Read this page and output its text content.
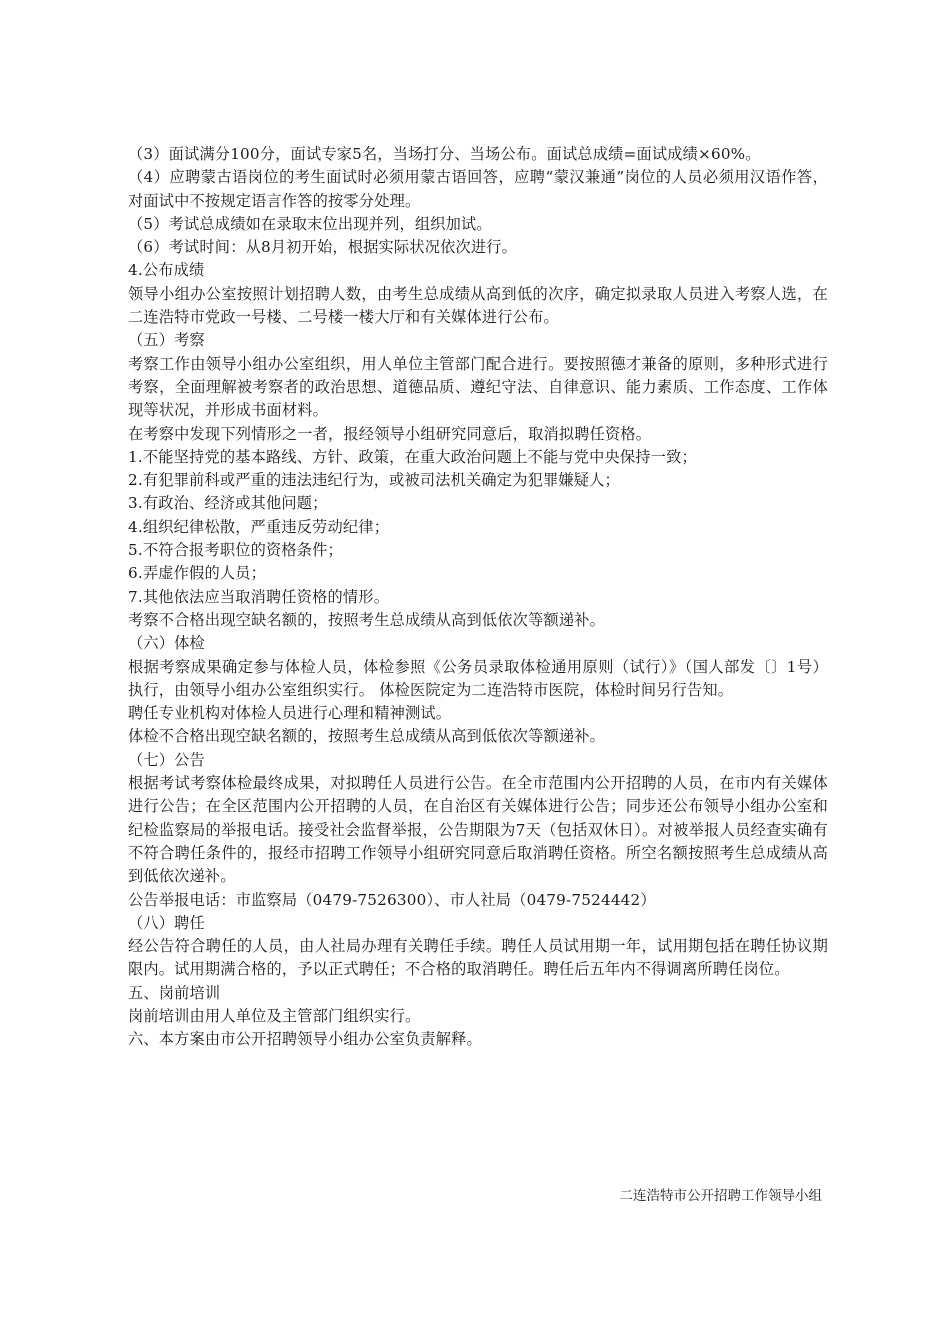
（3）面试满分100分，面试专家5名，当场打分、当场公布。面试总成绩=面试成绩×60%。

（4）应聘蒙古语岗位的考生面试时必须用蒙古语回答，应聘“蒙汉兼通”岗位的人员必须用汉语作答，对面试中不按规定语言作答的按零分处理。

（5）考试总成绩如在录取末位出现并列，组织加试。

（6）考试时间：从8月初开始，根据实际状况依次进行。

4.公布成绩

领导小组办公室按照计划招聘人数，由考生总成绩从高到低的次序，确定拟录取人员进入考察人选，在二连浩特市党政一号楼、二号楼一楼大厅和有关媒体进行公布。

（五）考察

考察工作由领导小组办公室组织，用人单位主管部门配合进行。要按照德才兼备的原则，多种形式进行考察，全面理解被考察者的政治思想、道德品质、遵纪守法、自律意识、能力素质、工作态度、工作体现等状况，并形成书面材料。

在考察中发现下列情形之一者，报经领导小组研究同意后，取消拟聘任资格。

1.不能坚持党的基本路线、方针、政策，在重大政治问题上不能与党中央保持一致；

2.有犯罪前科或严重的违法违纪行为，或被司法机关确定为犯罪嫌疑人；

3.有政治、经济或其他问题；

4.组织纪律松散，严重违反劳动纪律；

5.不符合报考职位的资格条件；

6.弄虚作假的人员；

7.其他依法应当取消聘任资格的情形。

考察不合格出现空缺名额的，按照考生总成绩从高到低依次等额递补。

（六）体检

根据考察成果确定参与体检人员，体检参照《公务员录取体检通用原则（试行）》（国人部发〔〕1号）执行，由领导小组办公室组织实行。 体检医院定为二连浩特市医院，体检时间另行告知。

聘任专业机构对体检人员进行心理和精神测试。

体检不合格出现空缺名额的，按照考生总成绩从高到低依次等额递补。

（七）公告

根据考试考察体检最终成果，对拟聘任人员进行公告。在全市范围内公开招聘的人员，在市内有关媒体进行公告；在全区范围内公开招聘的人员，在自治区有关媒体进行公告；同步还公布领导小组办公室和纪检监察局的举报电话。接受社会监督举报，公告期限为7天（包括双休日）。对被举报人员经查实确有不符合聘任条件的，报经市招聘工作领导小组研究同意后取消聘任资格。所空名额按照考生总成绩从高到低依次递补。

公告举报电话：市监察局（0479-7526300）、市人社局（0479-7524442）

（八）聘任

经公告符合聘任的人员，由人社局办理有关聘任手续。聘任人员试用期一年，试用期包括在聘任协议期限内。试用期满合格的，予以正式聘任；不合格的取消聘任。聘任后五年内不得调离所聘任岗位。

五、岗前培训

岗前培训由用人单位及主管部门组织实行。

六、本方案由市公开招聘领导小组办公室负责解释。

二连浩特市公开招聘工作领导小组
